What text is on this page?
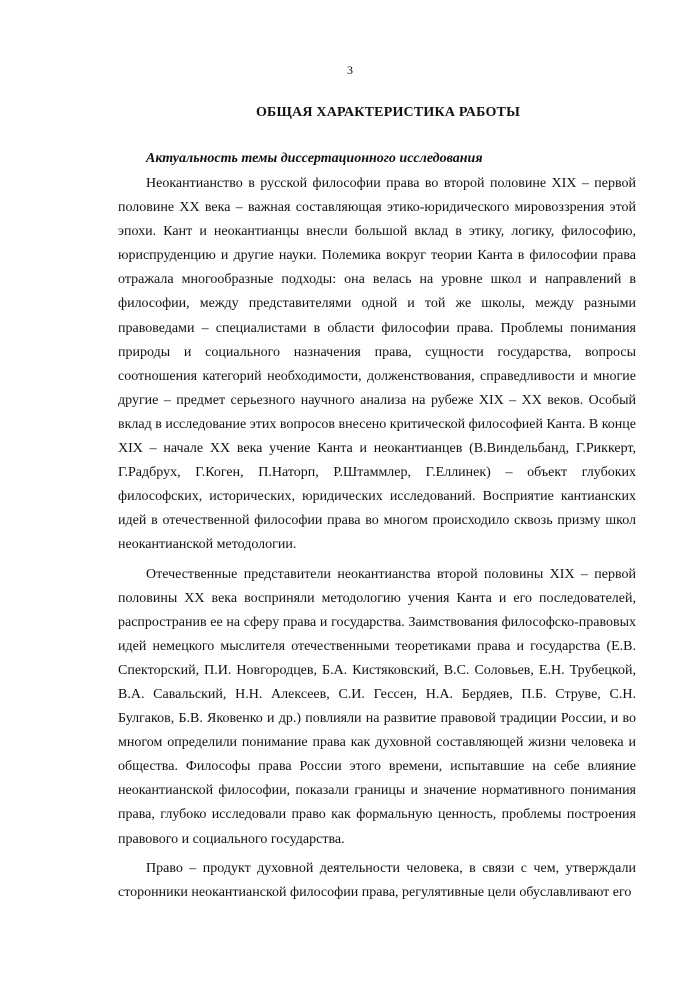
3
ОБЩАЯ ХАРАКТЕРИСТИКА РАБОТЫ
Актуальность темы диссертационного исследования

Неокантианство в русской философии права во второй половине XIX – первой половине XX века – важная составляющая этико-юридического мировоззрения этой эпохи. Кант и неокантианцы внесли большой вклад в этику, логику, философию, юриспруденцию и другие науки. Полемика вокруг теории Канта в философии права отражала многообразные подходы: она велась на уровне школ и направлений в философии, между представителями одной и той же школы, между разными правоведами – специалистами в области философии права. Проблемы понимания природы и социального назначения права, сущности государства, вопросы соотношения категорий необходимости, долженствования, справедливости и многие другие – предмет серьезного научного анализа на рубеже XIX – XX веков. Особый вклад в исследование этих вопросов внесено критической философией Канта. В конце XIX – начале XX века учение Канта и неокантианцев (В.Виндельбанд, Г.Риккерт, Г.Радбрух, Г.Коген, П.Наторп, Р.Штаммлер, Г.Еллинек) – объект глубоких философских, исторических, юридических исследований. Восприятие кантианских идей в отечественной философии права во многом происходило сквозь призму школ неокантианской методологии.

Отечественные представители неокантианства второй половины XIX – первой половины XX века восприняли методологию учения Канта и его последователей, распространив ее на сферу права и государства. Заимствования философско-правовых идей немецкого мыслителя отечественными теоретиками права и государства (Е.В. Спекторский, П.И. Новгородцев, Б.А. Кистяковский, В.С. Соловьев, Е.Н. Трубецкой, В.А. Савальский, Н.Н. Алексеев, С.И. Гессен, Н.А. Бердяев, П.Б. Струве, С.Н. Булгаков, Б.В. Яковенко и др.) повлияли на развитие правовой традиции России, и во многом определили понимание права как духовной составляющей жизни человека и общества. Философы права России этого времени, испытавшие на себе влияние неокантианской философии, показали границы и значение нормативного понимания права, глубоко исследовали право как формальную ценность, проблемы построения правового и социального государства.

Право – продукт духовной деятельности человека, в связи с чем, утверждали сторонники неокантианской философии права, регулятивные цели обуславливают его
